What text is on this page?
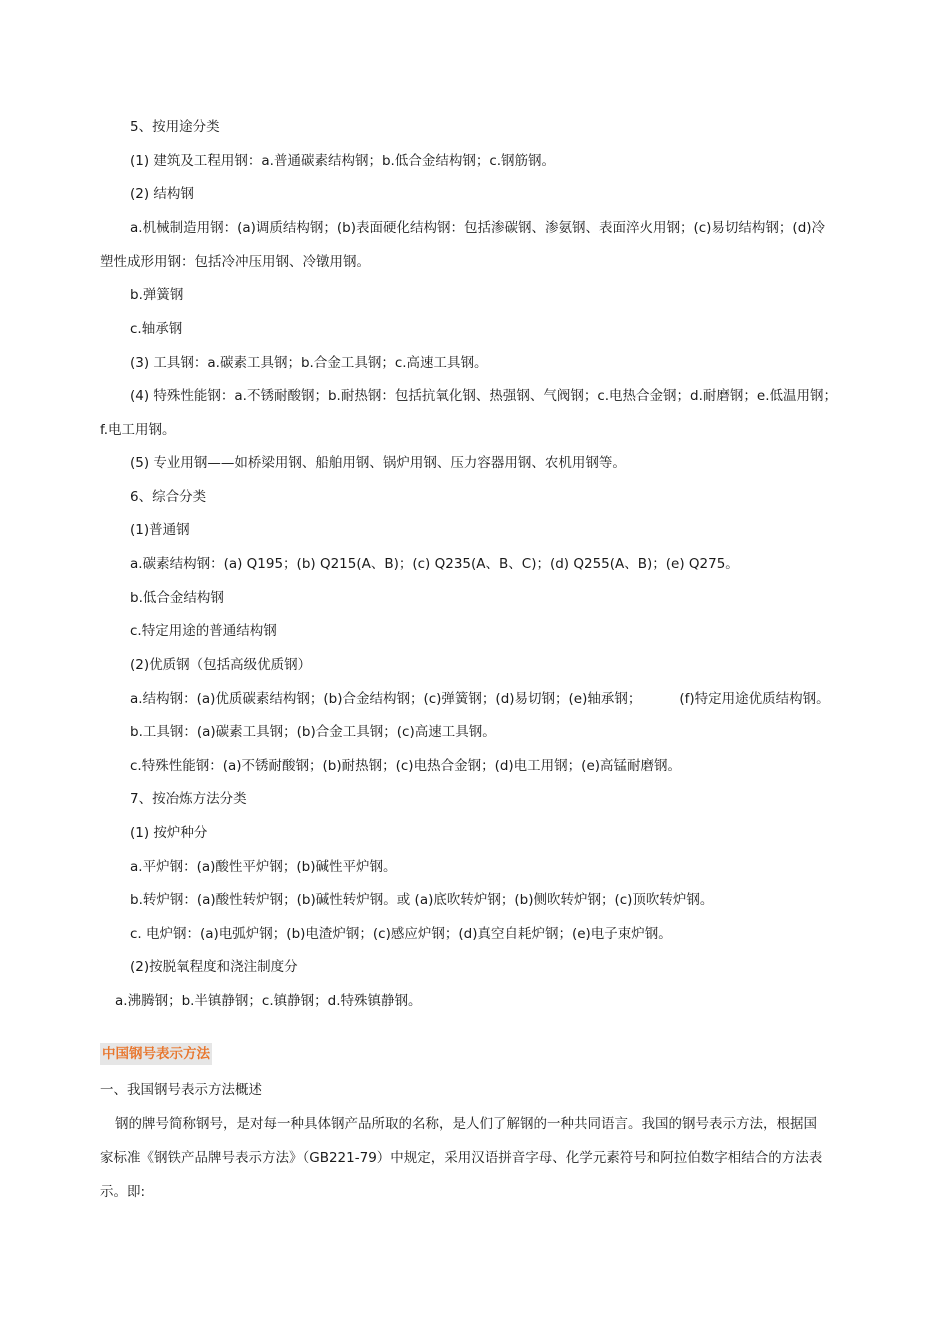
5、按用途分类
(1) 建筑及工程用钢：a.普通碳素结构钢；b.低合金结构钢；c.钢筋钢。
(2) 结构钢
a.机械制造用钢：(a)调质结构钢；(b)表面硬化结构钢：包括渗碳钢、渗氨钢、表面淬火用钢；(c)易切结构钢；(d)冷
塑性成形用钢：包括冷冲压用钢、冷镦用钢。
b.弹簧钢
c.轴承钢
(3) 工具钢：a.碳素工具钢；b.合金工具钢；c.高速工具钢。
(4) 特殊性能钢：a.不锈耐酸钢；b.耐热钢：包括抗氧化钢、热强钢、气阀钢；c.电热合金钢；d.耐磨钢；e.低温用钢；
f.电工用钢。
(5) 专业用钢——如桥梁用钢、船舶用钢、锅炉用钢、压力容器用钢、农机用钢等。
6、综合分类
(1)普通钢
a.碳素结构钢：(a) Q195；(b) Q215(A、B)；(c) Q235(A、B、C)；(d) Q255(A、B)；(e) Q275。
b.低合金结构钢
c.特定用途的普通结构钢
(2)优质钢（包括高级优质钢）
a.结构钢：(a)优质碳素结构钢；(b)合金结构钢；(c)弹簧钢；(d)易切钢；(e)轴承钢；	(f)特定用途优质结构钢。
b.工具钢：(a)碳素工具钢；(b)合金工具钢；(c)高速工具钢。
c.特殊性能钢：(a)不锈耐酸钢；(b)耐热钢；(c)电热合金钢；(d)电工用钢；(e)高锰耐磨钢。
7、按冶炼方法分类
(1) 按炉种分
a.平炉钢：(a)酸性平炉钢；(b)碱性平炉钢。
b.转炉钢：(a)酸性转炉钢；(b)碱性转炉钢。或 (a)底吹转炉钢；(b)侧吹转炉钢；(c)顶吹转炉钢。
c. 电炉钢：(a)电弧炉钢；(b)电渣炉钢；(c)感应炉钢；(d)真空自耗炉钢；(e)电子束炉钢。
(2)按脱氧程度和浇注制度分
a.沸腾钢；b.半镇静钢；c.镇静钢；d.特殊镇静钢。
中国钢号表示方法
一、我国钢号表示方法概述
钢的牌号简称钢号，是对每一种具体钢产品所取的名称，是人们了解钢的一种共同语言。我国的钢号表示方法，根据国
家标准《钢铁产品牌号表示方法》（GB221-79）中规定，采用汉语拼音字母、化学元素符号和阿拉伯数字相结合的方法表
示。即:
